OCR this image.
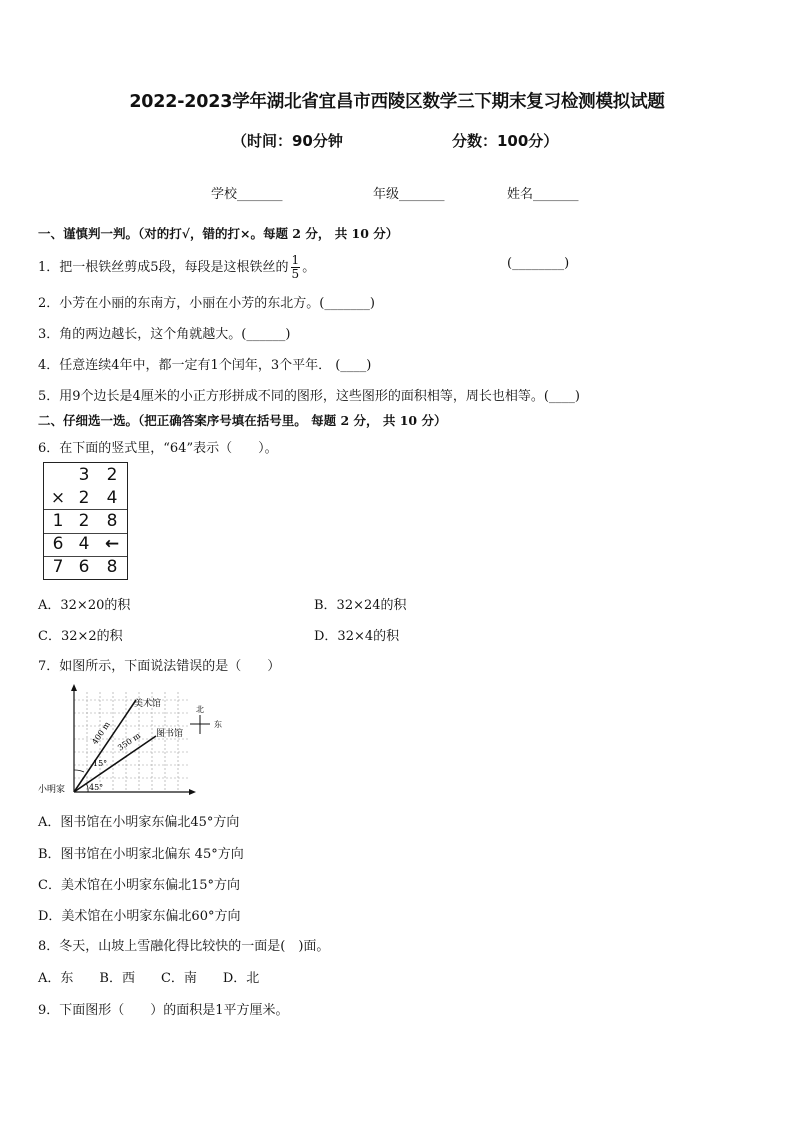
2022-2023学年湖北省宜昌市西陵区数学三下期末复习检测模拟试题
（时间：90分钟	分数：100分）
学校_______	年级_______	姓名_______
一、谨慎判一判。（对的打√，错的打×。每题 2 分， 共 10 分）
1．把一根铁丝剪成5段，每段是这根铁丝的 $\frac{1}{5}$ 。	(________)
2．小芳在小丽的东南方，小丽在小芳的东北方。(_______)
3．角的两边越长，这个角就越大。(______)
4．任意连续4年中，都一定有1个闰年，3个平年． (____)
5．用9个边长是4厘米的小正方形拼成不同的图形，这些图形的面积相等，周长也相等。(____)
二、仔细选一选。（把正确答案序号填在括号里。 每题 2 分， 共 10 分）
6．在下面的竖式里，“64”表示（　　）。
3 2
× 2 4
1 2 8
6 4 ←
7 6 8
A．32×20的积	B．32×24的积
C．32×2的积	D．32×4的积
7．如图所示，下面说法错误的是（　　）
小明家
美术馆
图书馆
400 m 350 m
15°
45°
北
东
A．图书馆在小明家东偏北45°方向
B．图书馆在小明家北偏东 45°方向
C．美术馆在小明家东偏北15°方向
D．美术馆在小明家东偏北60°方向
8．冬天，山坡上雪融化得比较快的一面是(　)面。
A．东　　B．西　　C．南　　D．北
9．下面图形（　　）的面积是1平方厘米。
